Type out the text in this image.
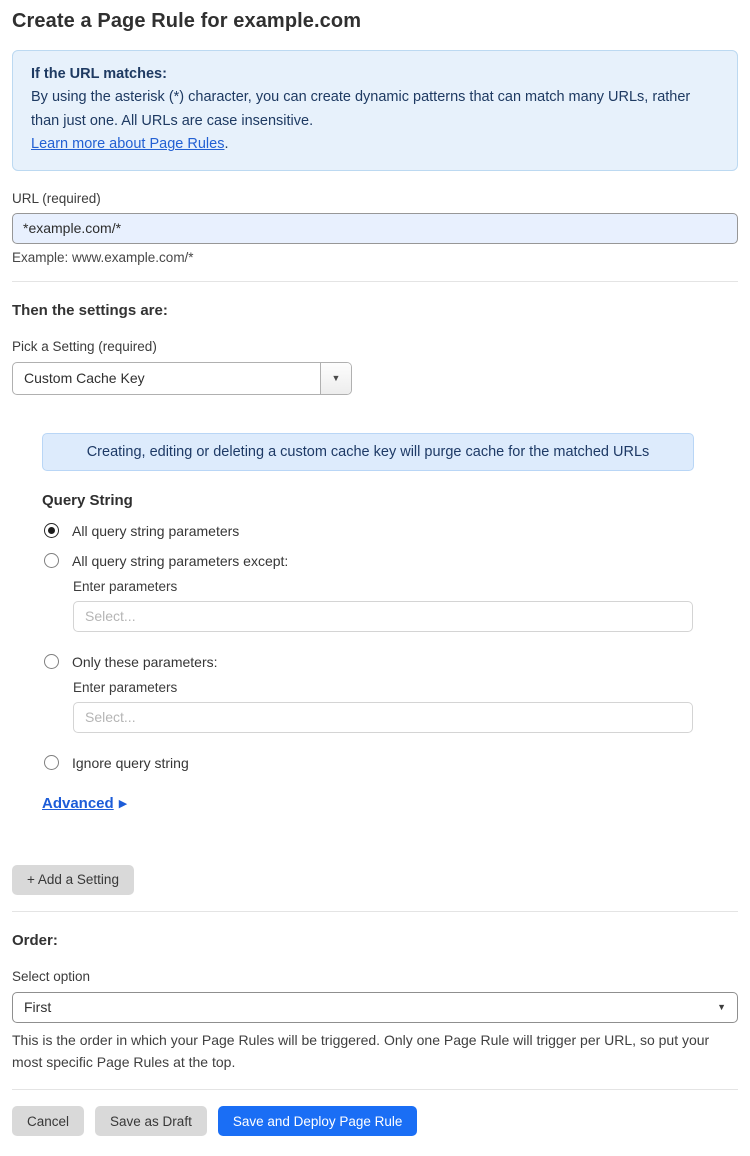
Create a Page Rule for example.com
If the URL matches:
By using the asterisk (*) character, you can create dynamic patterns that can match many URLs, rather than just one. All URLs are case insensitive.
Learn more about Page Rules.
URL (required)
*example.com/*
Example: www.example.com/*
Then the settings are:
Pick a Setting (required)
Custom Cache Key	▼
Creating, editing or deleting a custom cache key will purge cache for the matched URLs
Query String
All query string parameters
All query string parameters except:
Enter parameters
Select...
Only these parameters:
Enter parameters
Select...
Ignore query string
Advanced ▶
+ Add a Setting
Order:
Select option
First	▼

This is the order in which your Page Rules will be triggered. Only one Page Rule will trigger per URL, so put your most specific Page Rules at the top.

Cancel	Save as Draft	Save and Deploy Page Rule
